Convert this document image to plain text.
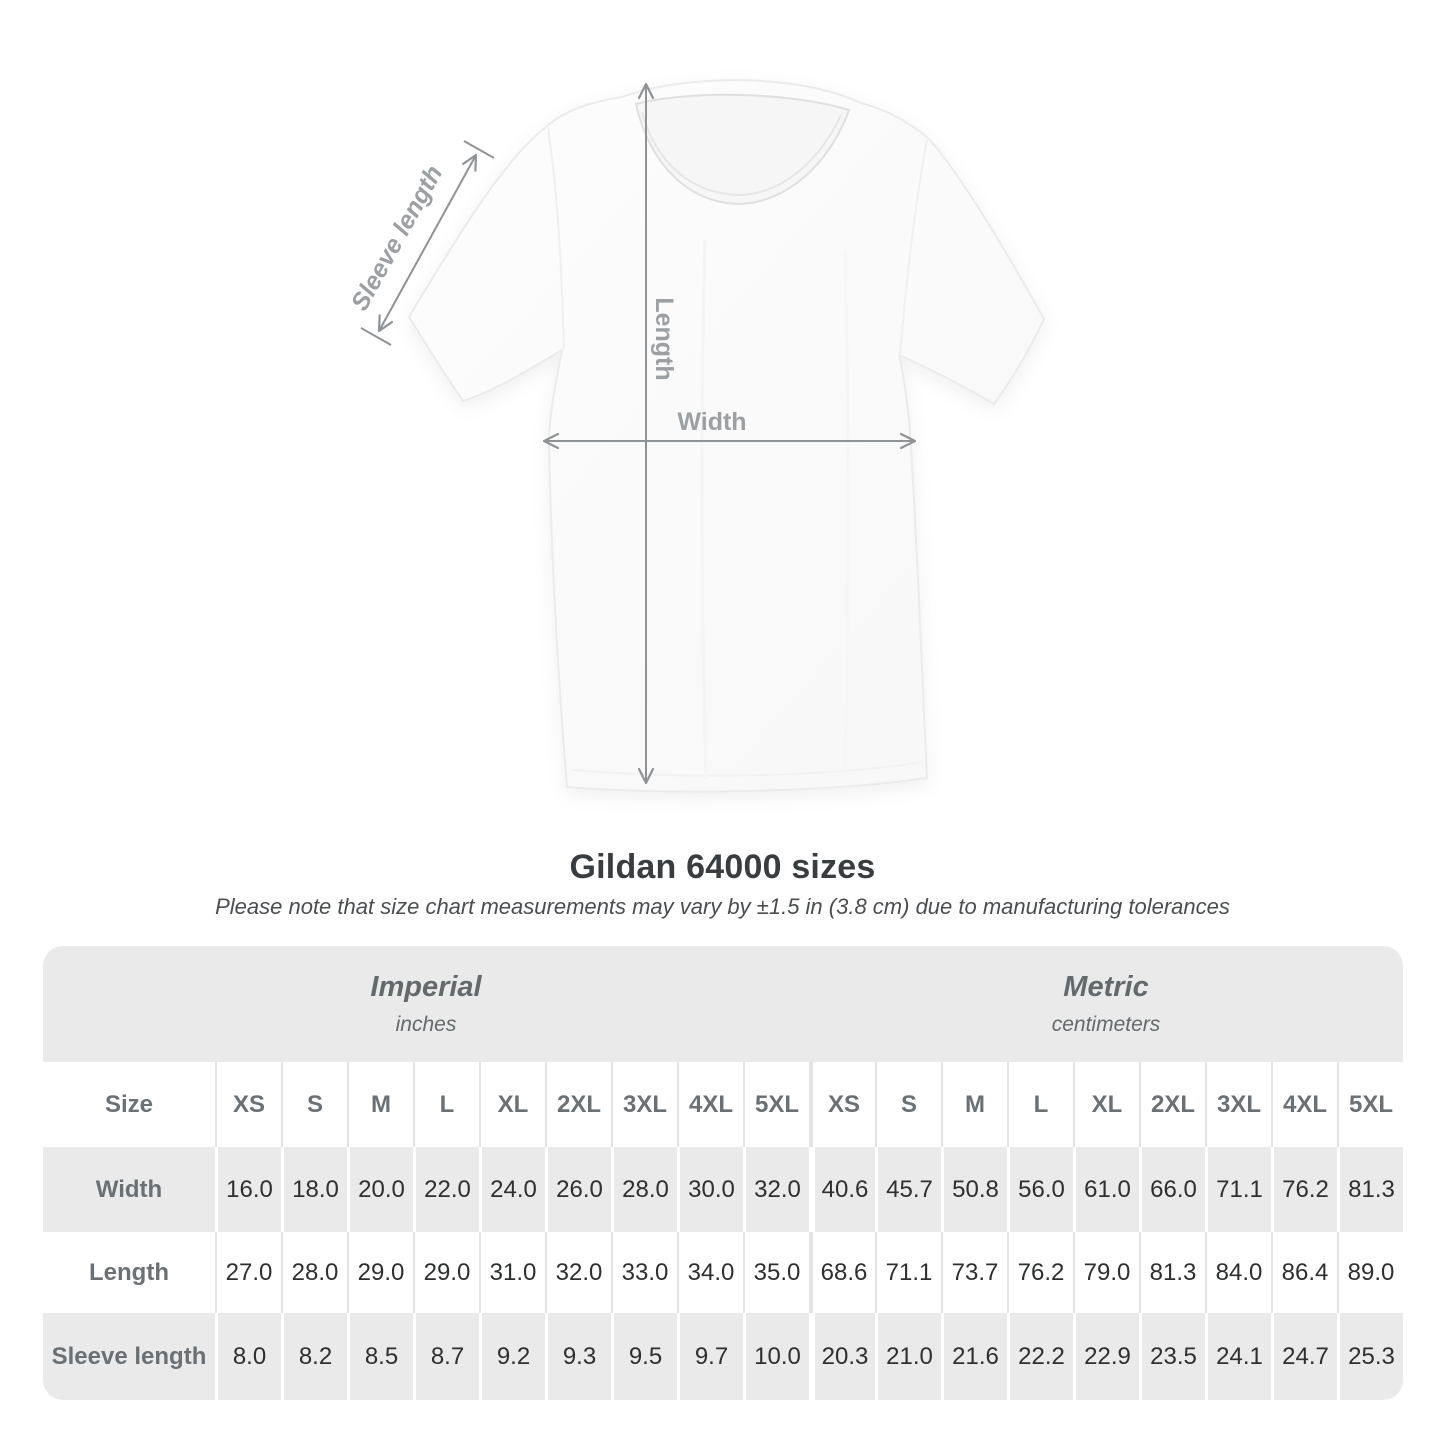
Sleeve length
Length
Width
Gildan 64000 sizes
Please note that size chart measurements may vary by ±1.5 in (3.8 cm) due to manufacturing tolerances
Imperial
inches
Metric
centimeters
Size	XS	S	M	L	XL	2XL 3XL 4XL 5XL	XS	S	M	L	XL	2XL 3XL 4XL 5XL
Width	16.0 18.0 20.0 22.0 24.0 26.0 28.0 30.0 32.0 40.6 45.7 50.8 56.0 61.0 66.0 71.1 76.2 81.3
Length	27.0 28.0 29.0 29.0 31.0 32.0 33.0 34.0 35.0 68.6 71.1 73.7 76.2 79.0 81.3 84.0 86.4 89.0
Sleeve length	8.0	8.2	8.5	8.7	9.2	9.3	9.5	9.7	10.0 20.3 21.0 21.6 22.2 22.9 23.5 24.1 24.7 25.3
